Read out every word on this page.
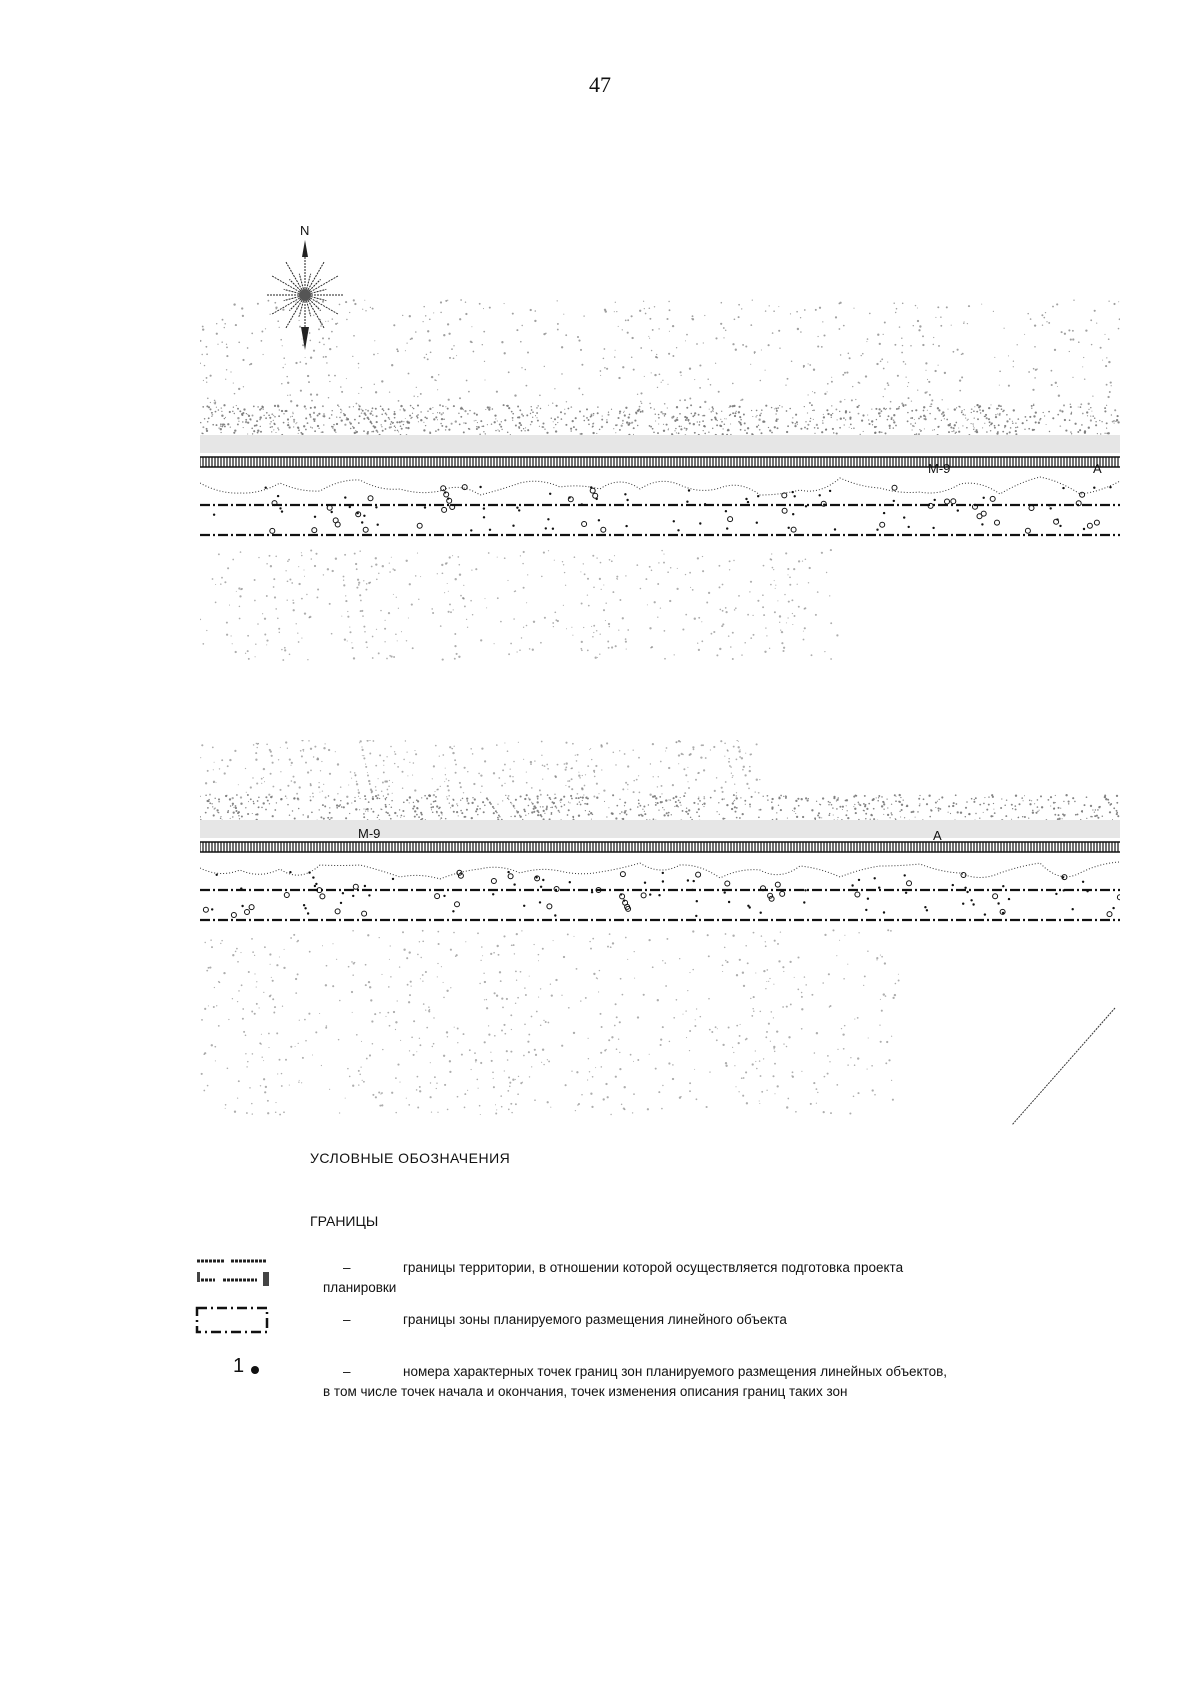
47
N
М-9	А
М-9	А
УСЛОВНЫЕ ОБОЗНАЧЕНИЯ
ГРАНИЦЫ
–	границы территории, в отношении которой осуществляется подготовка проекта
планировки
–	границы зоны планируемого размещения линейного объекта
1	–	номера характерных точек границ зон планируемого размещения линейных объектов,
в том числе точек начала и окончания, точек изменения описания границ таких зон
